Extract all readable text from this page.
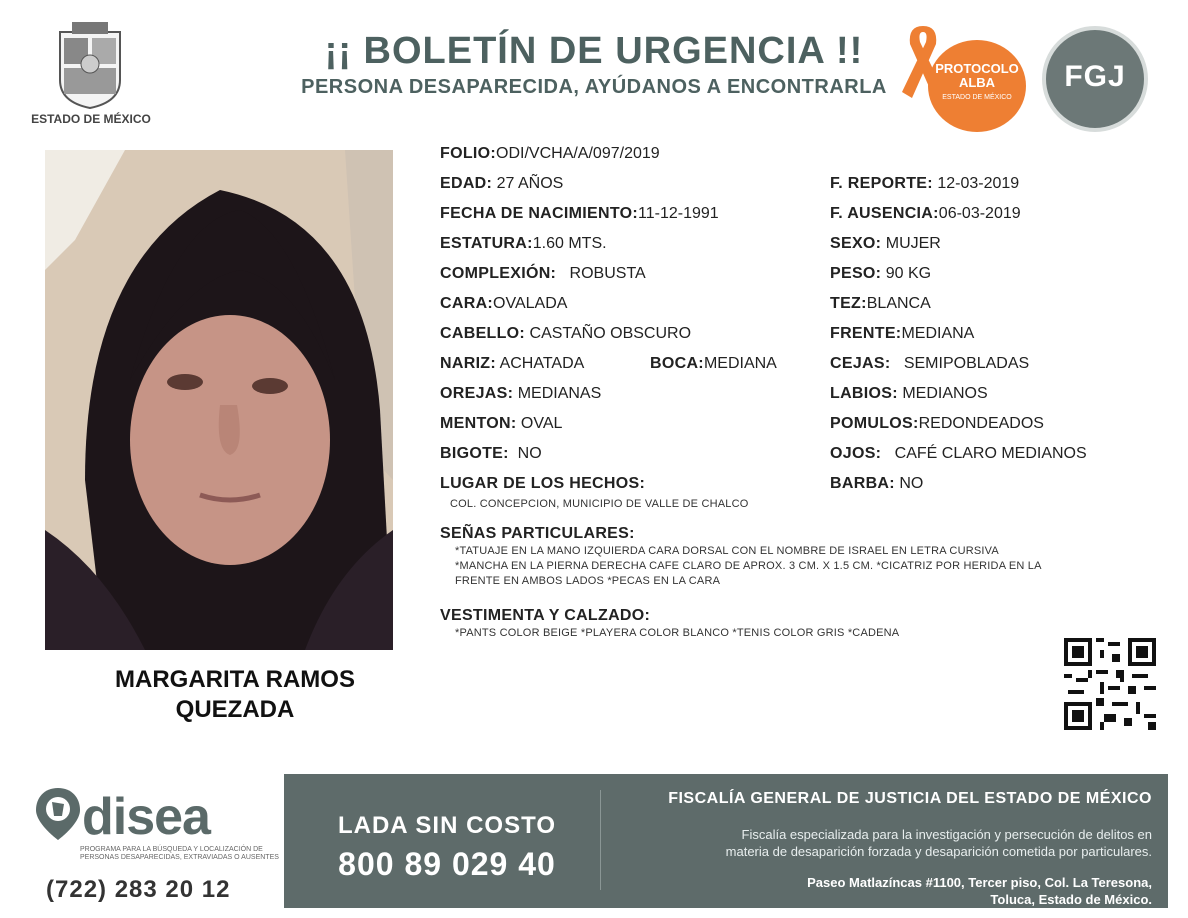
ESTADO DE MÉXICO
¡¡ BOLETÍN DE URGENCIA !!
PERSONA DESAPARECIDA, AYÚDANOS A ENCONTRARLA
PROTOCOLO
ALBA
ESTADO DE MÉXICO
FGJ
MARGARITA RAMOS
QUEZADA
FOLIO:ODI/VCHA/A/097/2019
EDAD: 27 AÑOS
FECHA DE NACIMIENTO:11-12-1991
ESTATURA:1.60 MTS.
COMPLEXIÓN: ROBUSTA
CARA:OVALADA
CABELLO: CASTAÑO OBSCURO
NARIZ: ACHATADA	BOCA:MEDIANA
OREJAS: MEDIANAS
MENTON: OVAL
BIGOTE: NO
LUGAR DE LOS HECHOS:
COL. CONCEPCION, MUNICIPIO DE VALLE DE CHALCO
F. REPORTE: 12-03-2019
F. AUSENCIA:06-03-2019
SEXO: MUJER
PESO: 90 KG
TEZ:BLANCA
FRENTE:MEDIANA
CEJAS: SEMIPOBLADAS
LABIOS: MEDIANOS
POMULOS:REDONDEADOS
OJOS: CAFÉ CLARO MEDIANOS
BARBA: NO
SEÑAS PARTICULARES:
*TATUAJE EN LA MANO IZQUIERDA CARA DORSAL CON EL NOMBRE DE ISRAEL EN LETRA CURSIVA
*MANCHA EN LA PIERNA DERECHA CAFE CLARO DE APROX. 3 CM. X 1.5 CM. *CICATRIZ POR HERIDA EN LA
FRENTE EN AMBOS LADOS *PECAS EN LA CARA
VESTIMENTA Y CALZADO:
*PANTS COLOR BEIGE *PLAYERA COLOR BLANCO *TENIS COLOR GRIS *CADENA
disea
PROGRAMA PARA LA BÚSQUEDA Y LOCALIZACIÓN DE PERSONAS DESAPARECIDAS, EXTRAVIADAS O AUSENTES
(722) 283 20 12
LADA SIN COSTO
800 89 029 40
FISCALÍA GENERAL DE JUSTICIA DEL ESTADO DE MÉXICO
Fiscalía especializada para la investigación y persecución de delitos en
materia de desaparición forzada y desaparición cometida por particulares.
Paseo Matlazíncas #1100, Tercer piso, Col. La Teresona,
Toluca, Estado de México.
